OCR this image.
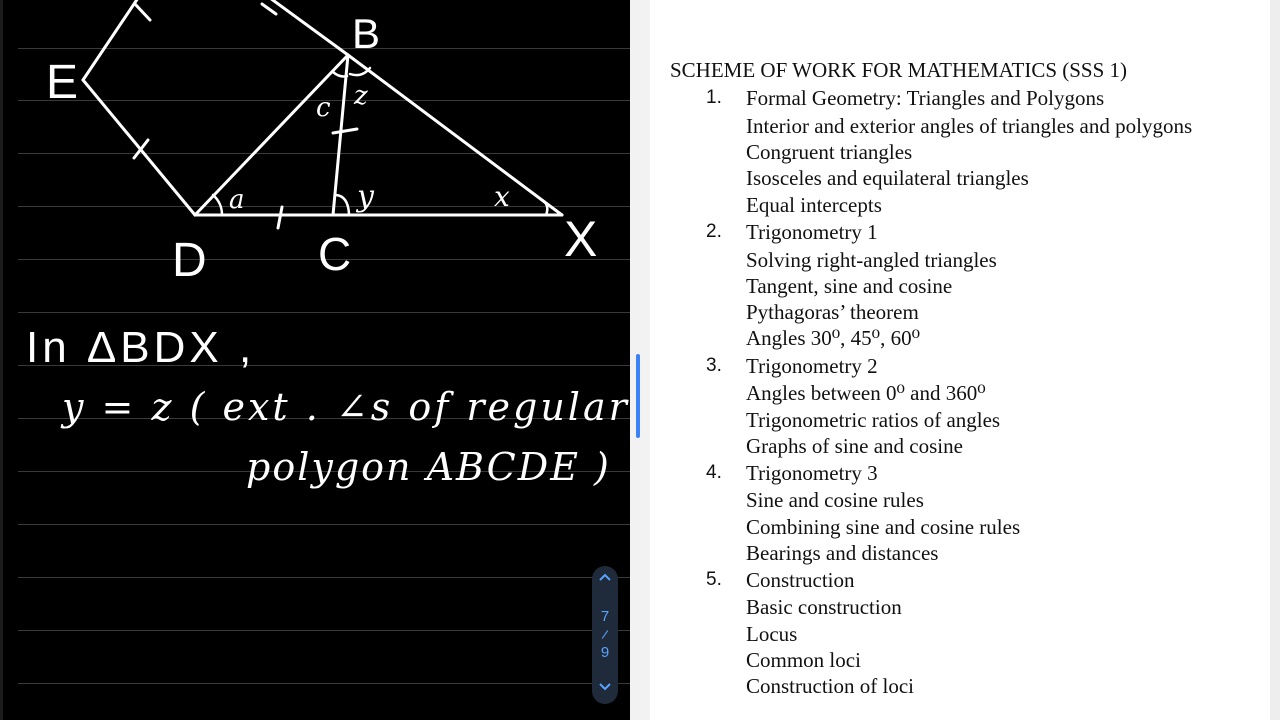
E
B
D C	X
a	y	x
c z
In ΔBDX ,
y = z ( ext . ∠s of regular
polygon ABCDE )
7
9
SCHEME OF WORK FOR MATHEMATICS (SSS 1)
1. Formal Geometry: Triangles and Polygons
Interior and exterior angles of triangles and polygons
Congruent triangles
Isosceles and equilateral triangles
Equal intercepts
2. Trigonometry 1
Solving right-angled triangles
Tangent, sine and cosine
Pythagoras’ theorem
Angles 30⁰, 45⁰, 60⁰
3. Trigonometry 2
Angles between 0⁰ and 360⁰
Trigonometric ratios of angles
Graphs of sine and cosine
4. Trigonometry 3
Sine and cosine rules
Combining sine and cosine rules
Bearings and distances
5. Construction
Basic construction
Locus
Common loci
Construction of loci
